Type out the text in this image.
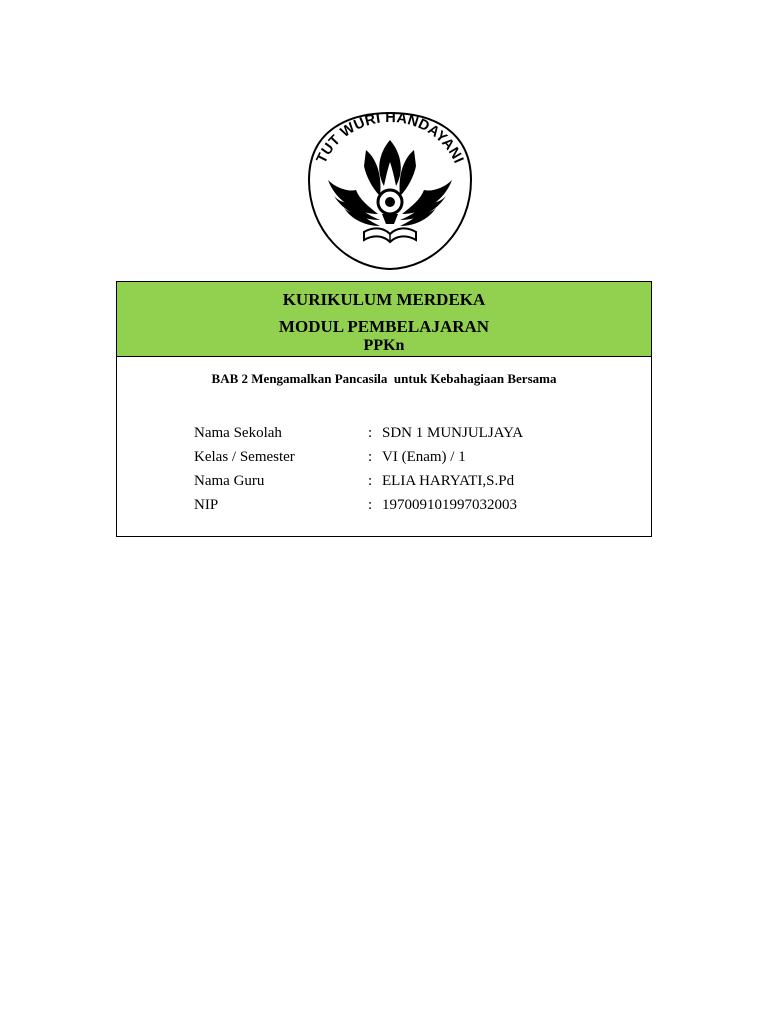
TUT WURI HANDAYANI
KURIKULUM MERDEKA
MODUL PEMBELAJARAN
PPKn
BAB 2 Mengamalkan Pancasila  untuk Kebahagiaan Bersama
Nama Sekolah	: SDN 1 MUNJULJAYA
Kelas / Semester	: VI (Enam) / 1
Nama Guru	: ELIA HARYATI,S.Pd
NIP	: 197009101997032003
